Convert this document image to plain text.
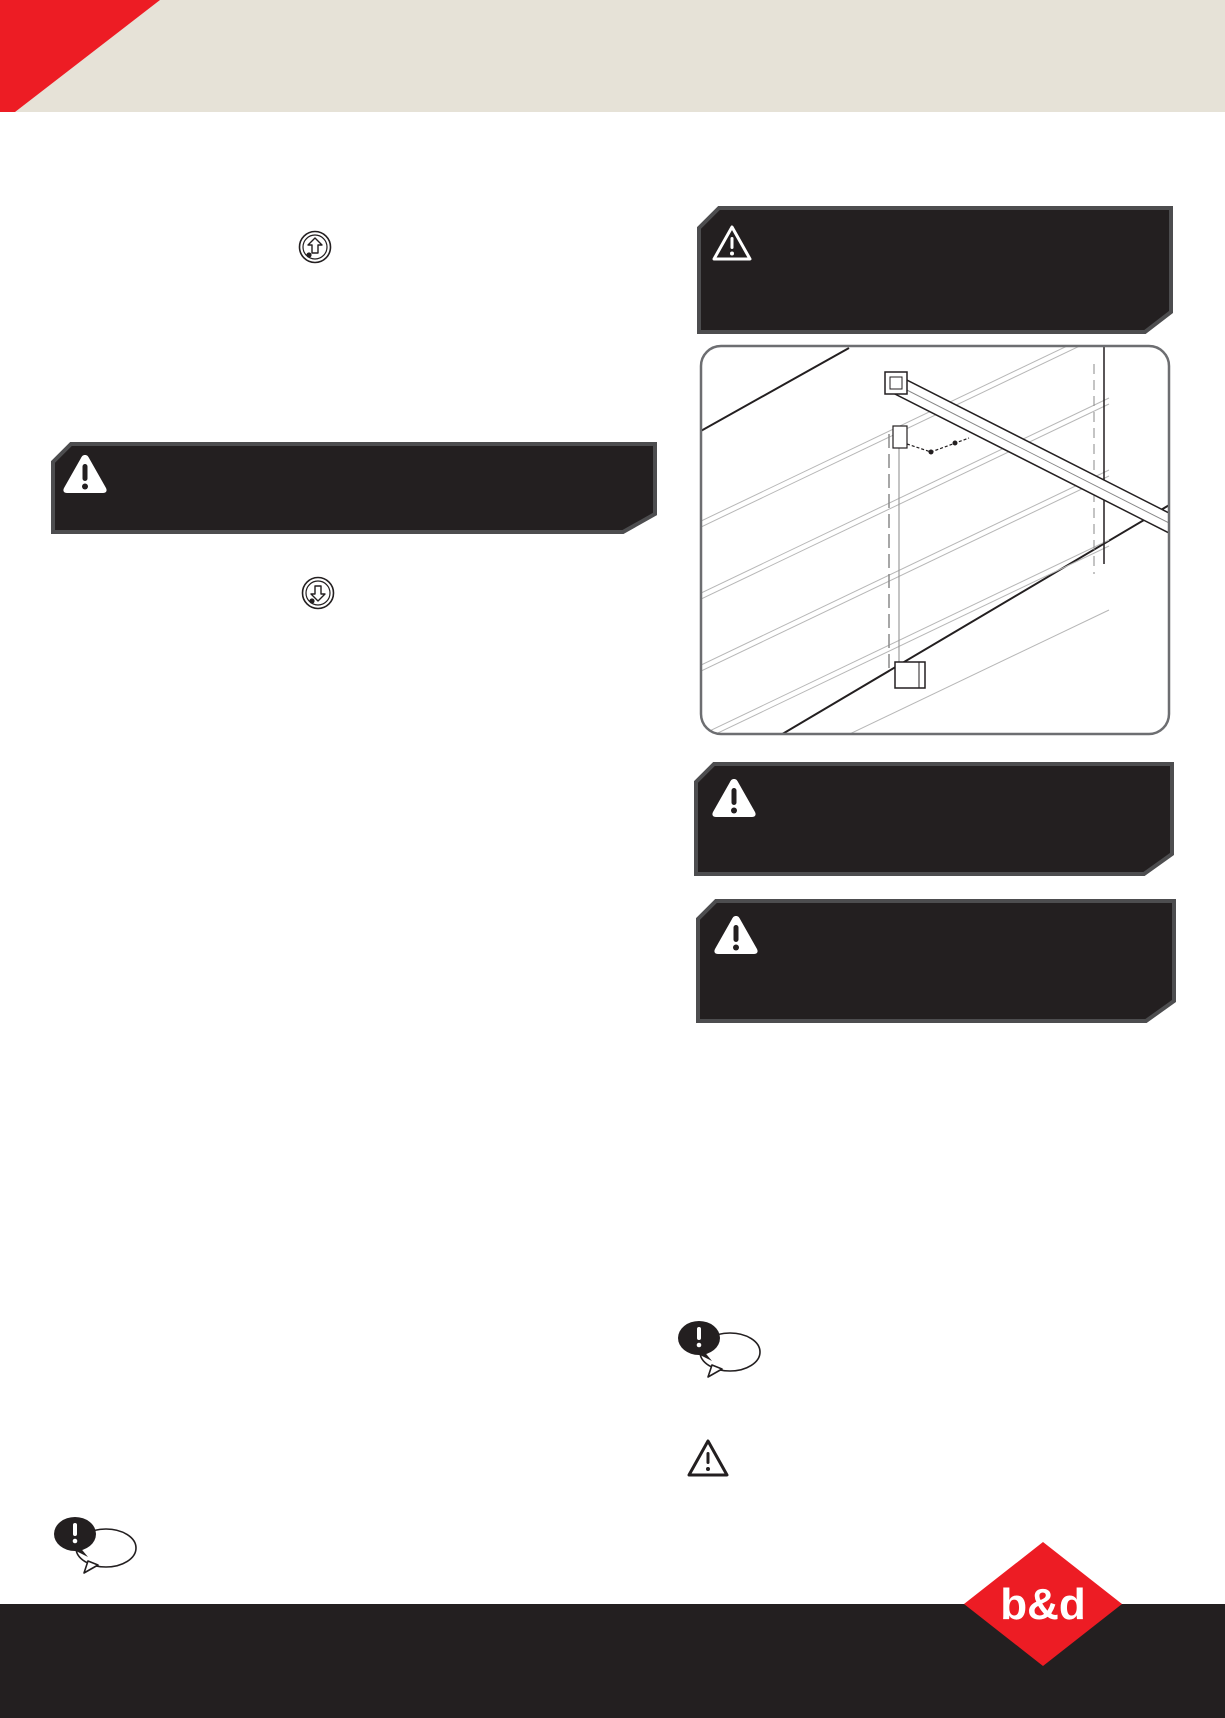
b&d
